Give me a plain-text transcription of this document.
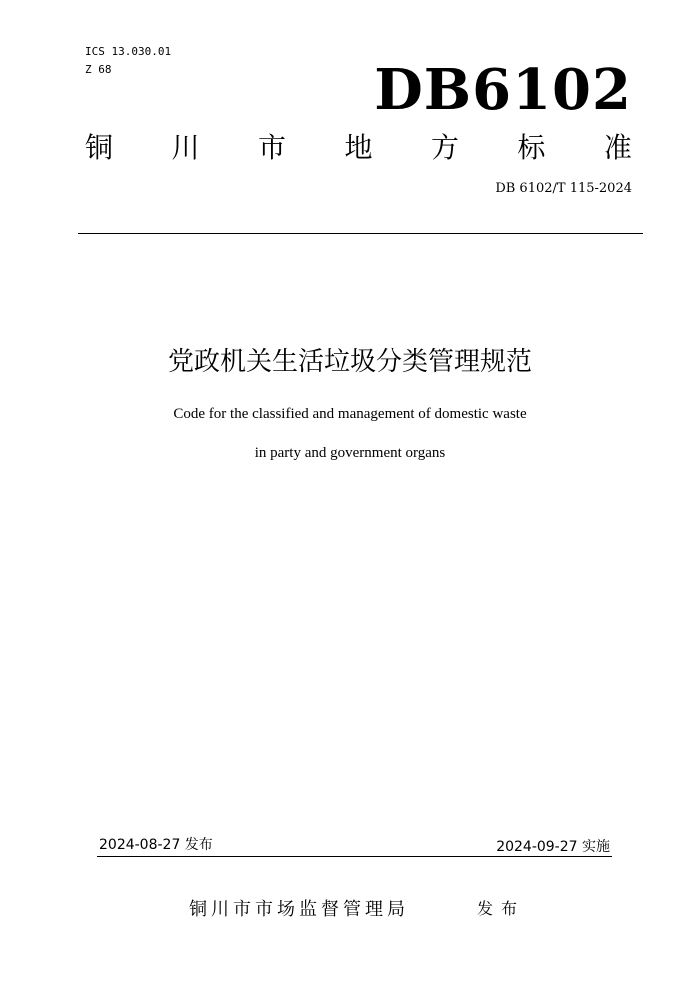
ICS 13.030.01
Z 68	DB6102
铜 川 市 地 方 标 准
DB 6102/T 115-2024
党政机关生活垃圾分类管理规范
Code for the classified and management of domestic waste
in party and government organs
2024-08-27 发布	2024-09-27 实施
铜川市市场监督管理局	发布
